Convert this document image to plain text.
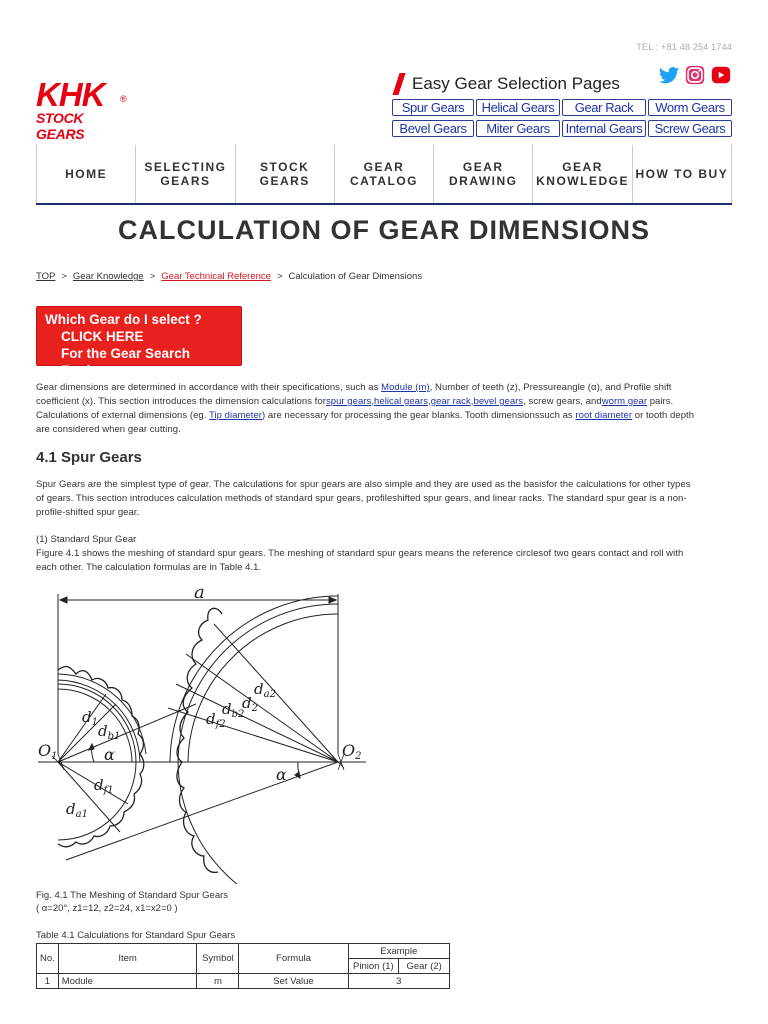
TEL : +81 48 254 1744
KHK	®
STOCK GEARS
Easy Gear Selection Pages
Spur Gears	Helical Gears	Gear Rack	Worm Gears
Bevel Gears	Miter Gears	Internal Gears Screw Gears
HOME	SELECTING
GEARS
STOCK GEARS
GEAR
CATALOG
GEAR
DRAWING
GEAR
KNOWLEDGE HOW TO BUY
CALCULATION OF GEAR DIMENSIONS
TOP > Gear Knowledge > Gear Technical Reference > Calculation of Gear Dimensions
Which Gear do I select ?
CLICK HERE
For the Gear Search Engine
Gear dimensions are determined in accordance with their specifications, such as Module (m), Number of teeth (z), Pressureangle (α), and Profile shift
coefficient (x). This section introduces the dimension calculations forspur gears,helical gears,gear rack,bevel gears, screw gears, andworm gear pairs.
Calculations of external dimensions (eg. Tip diameter) are necessary for processing the gear blanks. Tooth dimensionssuch as root diameter or tooth depth
are considered when gear cutting.
4.1 Spur Gears
Spur Gears are the simplest type of gear. The calculations for spur gears are also simple and they are used as the basisfor the calculations for other types
of gears. This section introduces calculation methods of standard spur gears, profileshifted spur gears, and linear racks. The standard spur gear is a non-
profile-shifted spur gear.
(1) Standard Spur Gear
Figure 4.1 shows the meshing of standard spur gears. The meshing of standard spur gears means the reference circlesof two gears contact and roll with
each other. The calculation formulas are in Table 4.1.
a
$d_{a2}$
$d_2$
$d_{b2}$
$d_{f2}$
$d_1$ $d_{b1}$
α
O1	O2
α
$d_{f1}$
$d_{a1}$
Fig. 4.1 The Meshing of Standard Spur Gears
( α=20°, z1=12, z2=24, x1=x2=0 )
Table 4.1 Calculations for Standard Spur Gears
No.	Item	Symbol	Formula	Example	
				Pinion (1)	Gear (2)
1	Module	m	Set Value	3	
